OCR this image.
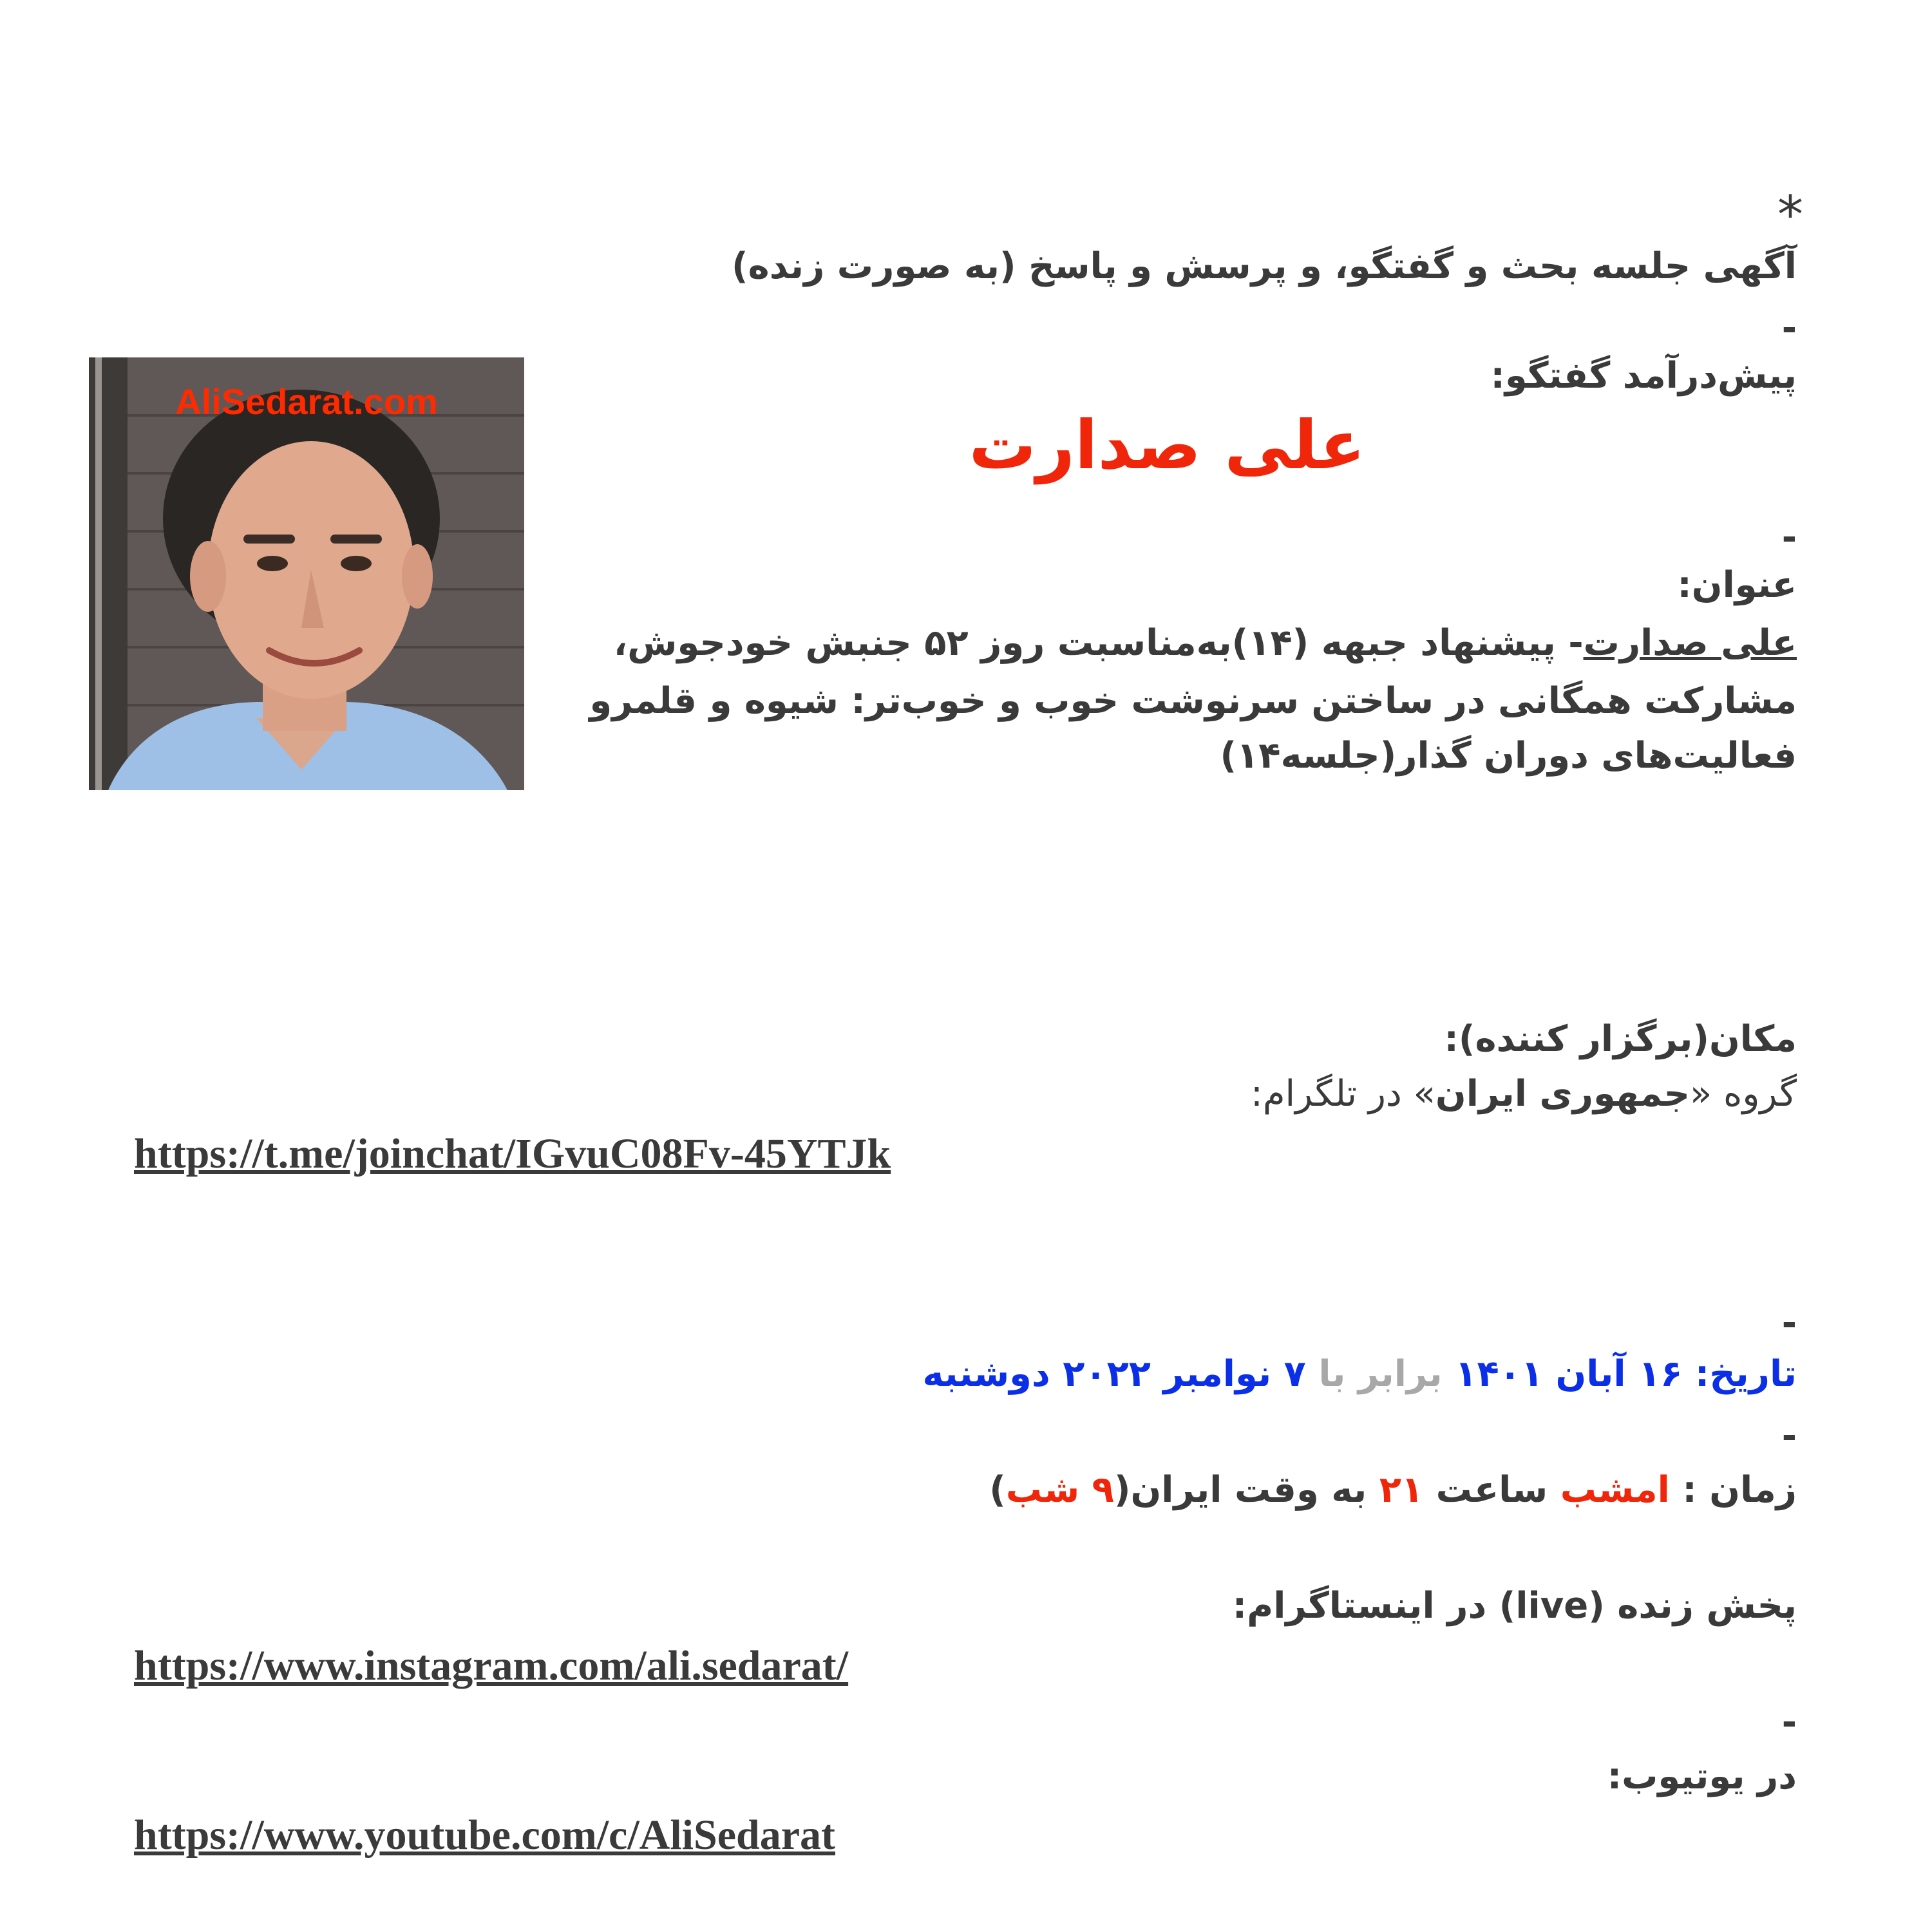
*
آگهی جلسه بحث و گفتگو، و پرسش و پاسخ (به صورت زنده)
-
پیش‌درآمد گفتگو:
علی صدارت
-
عنوان:
علی صدارت- پیشنهاد جبهه (۱۴)به‌مناسبت روز ۵۲ جنبش خودجوش،
مشارکت همگانی در ساختن سرنوشت خوب و خوب‌تر: شیوه و قلمرو
فعالیت‌های دوران گذار(جلسه۱۴)
AliSedarat.com
مکان(برگزار کننده):
گروه «جمهوری ایران» در تلگرام:
https://t.me/joinchat/IGvuC08Fv-45YTJk
-
تاریخ: ۱۶ آبان ۱۴۰۱ برابر با ۷ نوامبر ۲۰۲۲ دوشنبه
-
زمان : امشب ساعت ۲۱ به وقت ایران(۹ شب)
پخش زنده (live) در اینستاگرام:
https://www.instagram.com/ali.sedarat/
-
در یوتیوب:
https://www.youtube.com/c/AliSedarat
